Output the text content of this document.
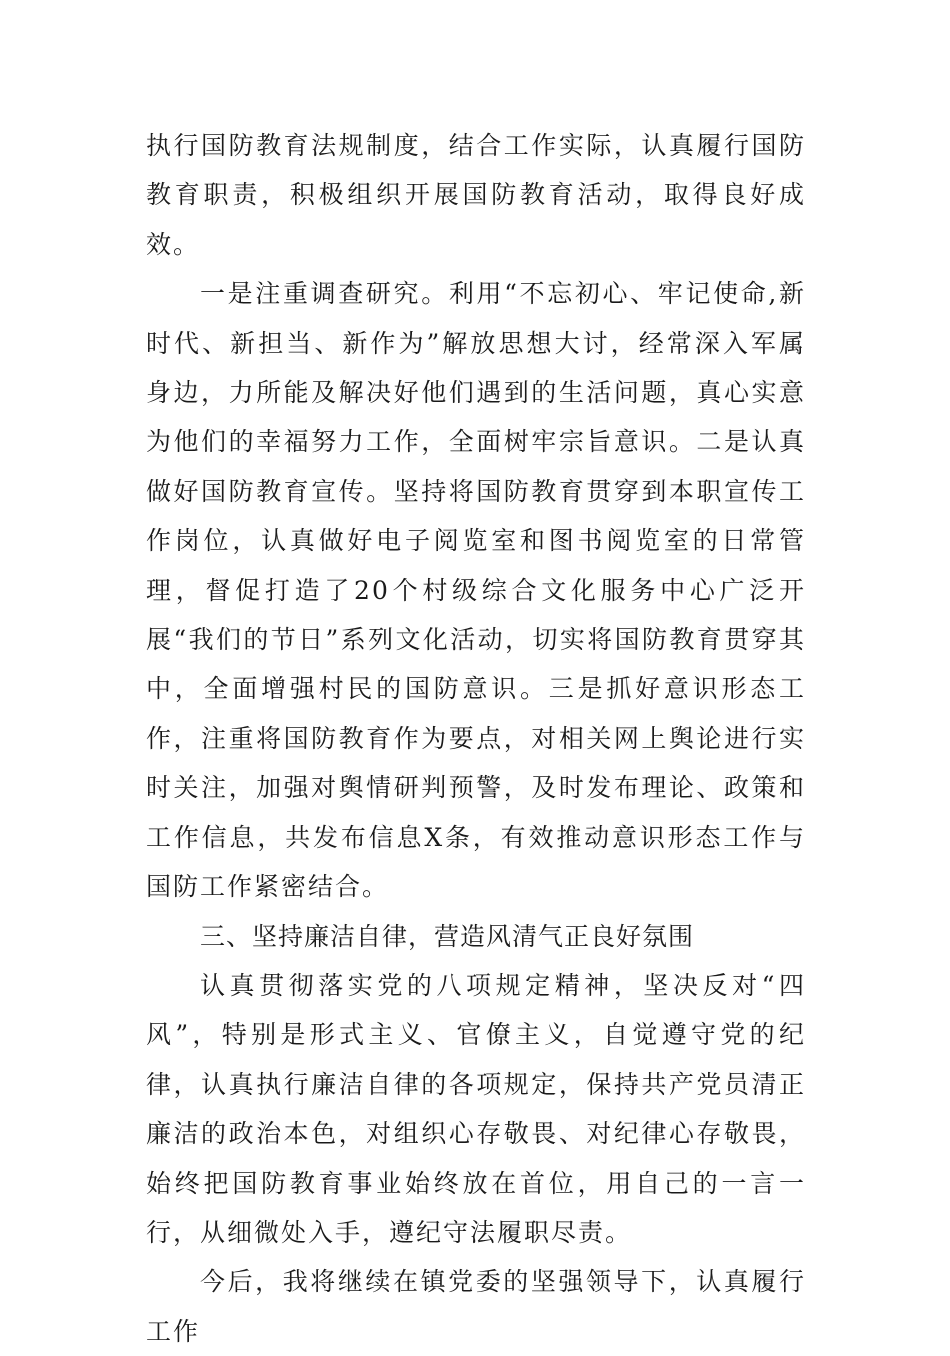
执行国防教育法规制度，结合工作实际，认真履行国防教育职责，积极组织开展国防教育活动，取得良好成效。

一是注重调查研究。利用“不忘初心、牢记使命,新时代、新担当、新作为”解放思想大讨，经常深入军属身边，力所能及解决好他们遇到的生活问题，真心实意为他们的幸福努力工作，全面树牢宗旨意识。二是认真做好国防教育宣传。坚持将国防教育贯穿到本职宣传工作岗位，认真做好电子阅览室和图书阅览室的日常管理，督促打造了20个村级综合文化服务中心广泛开展“我们的节日”系列文化活动，切实将国防教育贯穿其中，全面增强村民的国防意识。三是抓好意识形态工作，注重将国防教育作为要点，对相关网上舆论进行实时关注，加强对舆情研判预警，及时发布理论、政策和工作信息，共发布信息X条，有效推动意识形态工作与国防工作紧密结合。

三、坚持廉洁自律，营造风清气正良好氛围

认真贯彻落实党的八项规定精神，坚决反对“四风”，特别是形式主义、官僚主义，自觉遵守党的纪律，认真执行廉洁自律的各项规定，保持共产党员清正廉洁的政治本色，对组织心存敬畏、对纪律心存敬畏，始终把国防教育事业始终放在首位，用自己的一言一行，从细微处入手，遵纪守法履职尽责。

今后，我将继续在镇党委的坚强领导下，认真履行工作
